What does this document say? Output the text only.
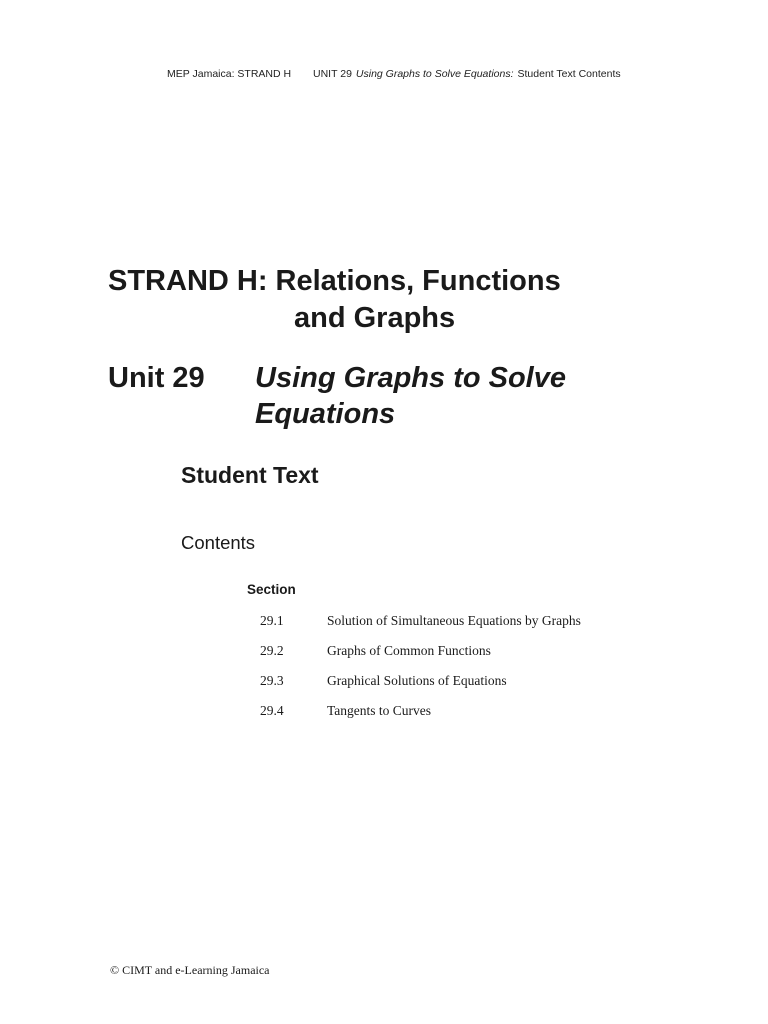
MEP Jamaica: STRAND H UNIT 29 Using Graphs to Solve Equations: Student Text Contents
STRAND H: Relations, Functions
and Graphs
Unit 29 Using Graphs to Solve Equations
Student Text
Contents
Section
29.1	Solution of Simultaneous Equations by Graphs
29.2	Graphs of Common Functions
29.3	Graphical Solutions of Equations
29.4	Tangents to Curves
© CIMT and e-Learning Jamaica
